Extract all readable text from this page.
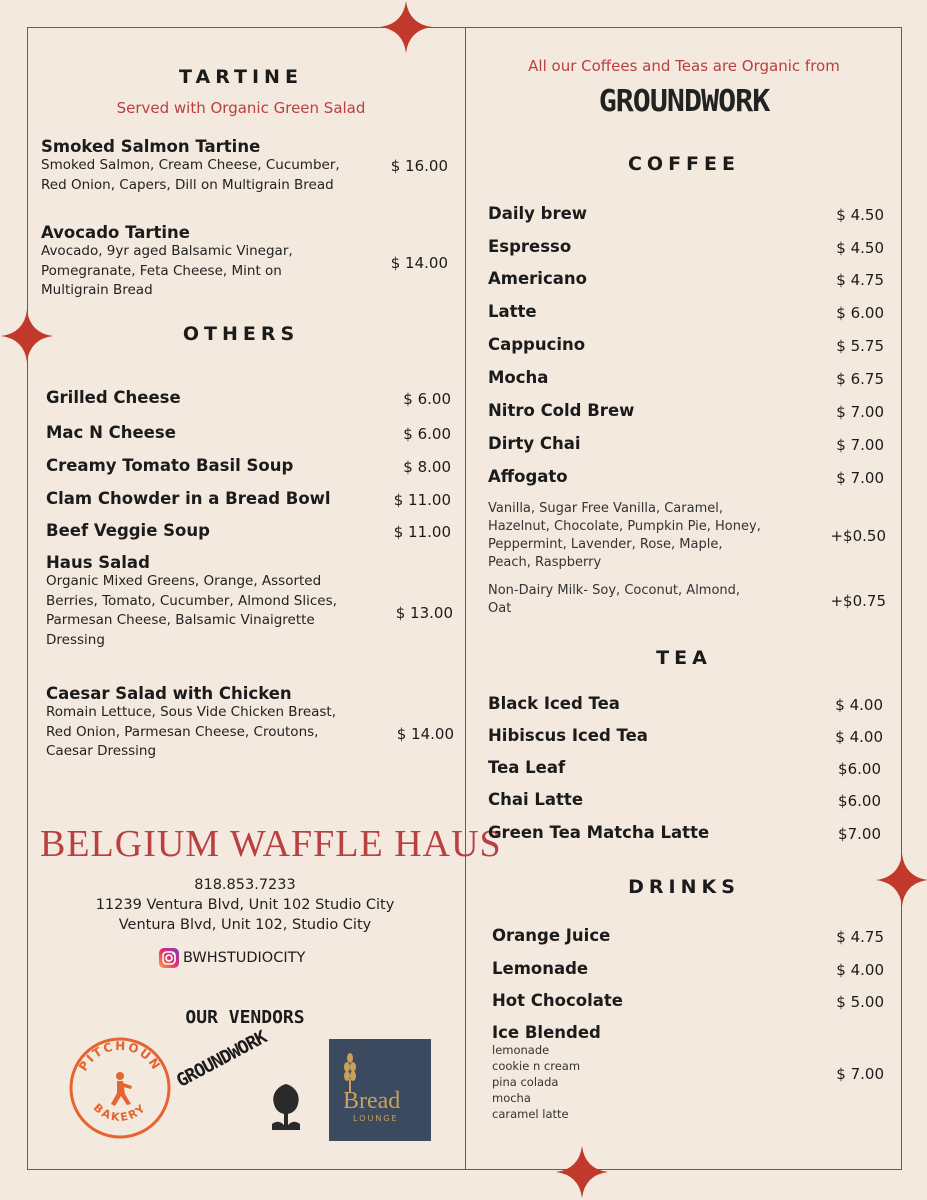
TARTINE
Served with Organic Green Salad
Smoked Salmon Tartine
Smoked Salmon, Cream Cheese, Cucumber,
Red Onion, Capers, Dill on Multigrain Bread
$ 16.00
Avocado Tartine
Avocado, 9yr aged Balsamic Vinegar,
Pomegranate, Feta Cheese, Mint on
Multigrain Bread
$ 14.00
OTHERS
Grilled Cheese	$ 6.00
Mac N Cheese	$ 6.00
Creamy Tomato Basil Soup	$ 8.00
Clam Chowder in a Bread Bowl	$ 11.00
Beef Veggie Soup	$ 11.00
Haus Salad
Organic Mixed Greens, Orange, Assorted
Berries, Tomato, Cucumber, Almond Slices,
Parmesan Cheese, Balsamic Vinaigrette
Dressing
$ 13.00
Caesar Salad with Chicken
Romain Lettuce, Sous Vide Chicken Breast,
Red Onion, Parmesan Cheese, Croutons,
Caesar Dressing
$ 14.00
BELGIUM WAFFLE HAUS
818.853.7233
11239 Ventura Blvd, Unit 102 Studio City
Ventura Blvd, Unit 102, Studio City
BWHSTUDIOCITY
OUR VENDORS
PITCHOUN
BAKERY
GROUNDWORK
Bread
LOUNGE
All our Coffees and Teas are Organic from
GROUNDWORK
COFFEE
Daily brew	$ 4.50
Espresso	$ 4.50
Americano	$ 4.75
Latte	$ 6.00
Cappucino	$ 5.75
Mocha	$ 6.75
Nitro Cold Brew	$ 7.00
Dirty Chai	$ 7.00
Affogato	$ 7.00
Vanilla, Sugar Free Vanilla, Caramel,
Hazelnut, Chocolate, Pumpkin Pie, Honey,
Peppermint, Lavender, Rose, Maple,
Peach, Raspberry
+$0.50
Non-Dairy Milk- Soy, Coconut, Almond,
Oat	+$0.75
TEA
Black Iced Tea	$ 4.00
Hibiscus Iced Tea	$ 4.00
Tea Leaf	$6.00
Chai Latte	$6.00
Green Tea Matcha Latte	$7.00
DRINKS
Orange Juice	$ 4.75
Lemonade	$ 4.00
Hot Chocolate	$ 5.00
Ice Blended
lemonade
cookie n cream
pina colada
mocha
caramel latte
$ 7.00
